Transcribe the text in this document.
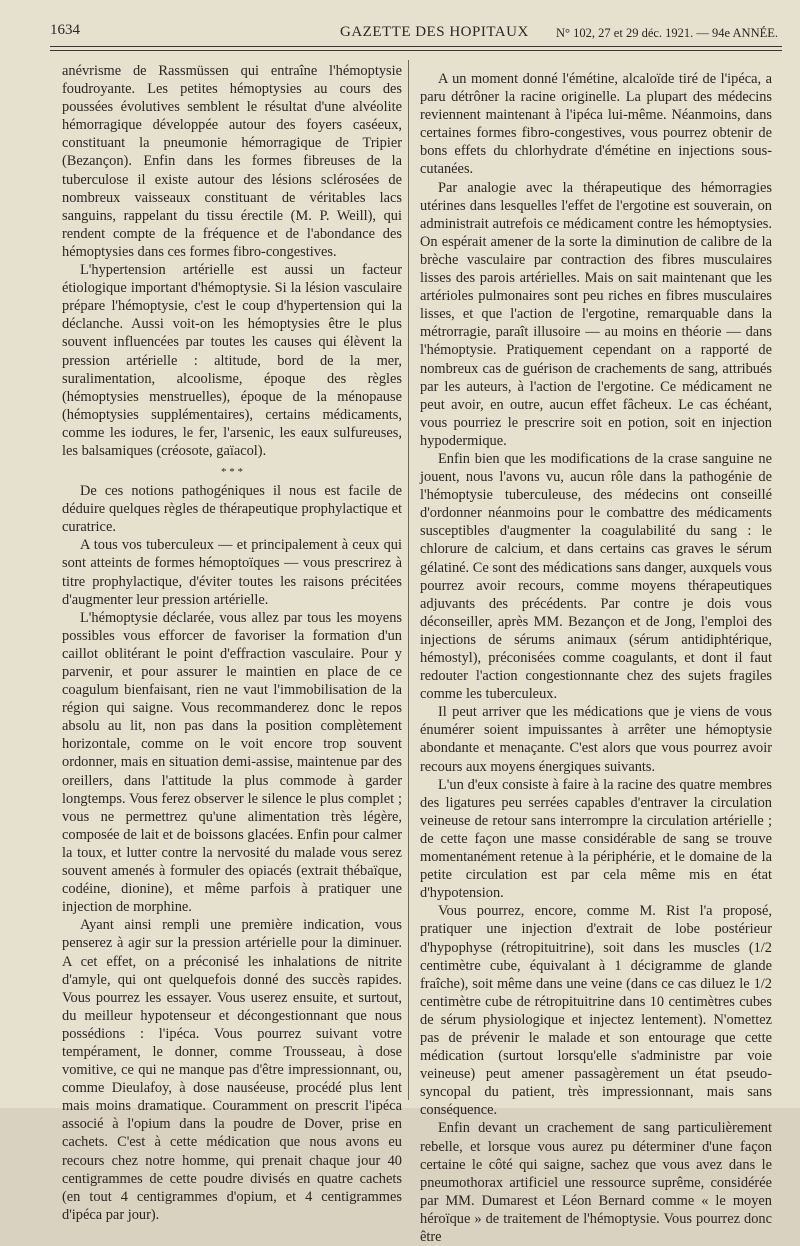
1634	GAZETTE DES HOPITAUX N° 102, 27 et 29 déc. 1921. — 94e ANNÉE.

anévrisme de Rassmüssen qui entraîne l'hémoptysie foudroyante. Les petites hémoptysies au cours des poussées évolutives semblent le résultat d'une alvéolite hémorragique développée autour des foyers caséeux, constituant la pneumonie hémorragique de Tripier (Bezançon). Enfin dans les formes fibreuses de la tuberculose il existe autour des lésions sclérosées de nombreux vaisseaux constituant de véritables lacs sanguins, rappelant du tissu érectile (M. P. Weill), qui rendent compte de la fréquence et de l'abondance des hémoptysies dans ces formes fibro-congestives.

L'hypertension artérielle est aussi un facteur étiologique important d'hémoptysie. Si la lésion vasculaire prépare l'hémoptysie, c'est le coup d'hypertension qui la déclanche. Aussi voit-on les hémoptysies être le plus souvent influencées par toutes les causes qui élèvent la pression artérielle : altitude, bord de la mer, suralimentation, alcoolisme, époque des règles (hémoptysies menstruelles), époque de la ménopause (hémoptysies supplémentaires), certains médicaments, comme les iodures, le fer, l'arsenic, les eaux sulfureuses, les balsamiques (créosote, gaïacol).

* * *

De ces notions pathogéniques il nous est facile de déduire quelques règles de thérapeutique prophylactique et curatrice.

A tous vos tuberculeux — et principalement à ceux qui sont atteints de formes hémoptoïques — vous prescrirez à titre prophylactique, d'éviter toutes les raisons précitées d'augmenter leur pression artérielle.

L'hémoptysie déclarée, vous allez par tous les moyens possibles vous efforcer de favoriser la formation d'un caillot oblitérant le point d'effraction vasculaire. Pour y parvenir, et pour assurer le maintien en place de ce coagulum bienfaisant, rien ne vaut l'immobilisation de la région qui saigne. Vous recommanderez donc le repos absolu au lit, non pas dans la position complètement horizontale, comme on le voit encore trop souvent ordonner, mais en situation demi-assise, maintenue par des oreillers, dans l'attitude la plus commode à garder longtemps. Vous ferez observer le silence le plus complet ; vous ne permettrez qu'une alimentation très légère, composée de lait et de boissons glacées. Enfin pour calmer la toux, et lutter contre la nervosité du malade vous serez souvent amenés à formuler des opiacés (extrait thébaïque, codéine, dionine), et même parfois à pratiquer une injection de morphine.

Ayant ainsi rempli une première indication, vous penserez à agir sur la pression artérielle pour la diminuer. A cet effet, on a préconisé les inhalations de nitrite d'amyle, qui ont quelquefois donné des succès rapides. Vous pourrez les essayer. Vous userez ensuite, et surtout, du meilleur hypotenseur et décongestionnant que nous possédions : l'ipéca. Vous pourrez suivant votre tempérament, le donner, comme Trousseau, à dose vomitive, ce qui ne manque pas d'être impressionnant, ou, comme Dieulafoy, à dose nauséeuse, procédé plus lent mais moins dramatique. Couramment on prescrit l'ipéca associé à l'opium dans la poudre de Dover, prise en cachets. C'est à cette médication que nous avons eu recours chez notre homme, qui prenait chaque jour 40 centigrammes de cette poudre divisés en quatre cachets (en tout 4 centigrammes d'opium, et 4 centigrammes d'ipéca par jour).

A un moment donné l'émétine, alcaloïde tiré de l'ipéca, a paru détrôner la racine originelle. La plupart des médecins reviennent maintenant à l'ipéca lui-même. Néanmoins, dans certaines formes fibro-congestives, vous pourrez obtenir de bons effets du chlorhydrate d'émétine en injections sous-cutanées.

Par analogie avec la thérapeutique des hémorragies utérines dans lesquelles l'effet de l'ergotine est souverain, on administrait autrefois ce médicament contre les hémoptysies. On espérait amener de la sorte la diminution de calibre de la brèche vasculaire par contraction des fibres musculaires lisses des parois artérielles. Mais on sait maintenant que les artérioles pulmonaires sont peu riches en fibres musculaires lisses, et que l'action de l'ergotine, remarquable dans la métrorragie, paraît illusoire — au moins en théorie — dans l'hémoptysie. Pratiquement cependant on a rapporté de nombreux cas de guérison de crachements de sang, attribués par les auteurs, à l'action de l'ergotine. Ce médicament ne peut avoir, en outre, aucun effet fâcheux. Le cas échéant, vous pourriez le prescrire soit en potion, soit en injection hypodermique.

Enfin bien que les modifications de la crase sanguine ne jouent, nous l'avons vu, aucun rôle dans la pathogénie de l'hémoptysie tuberculeuse, des médecins ont conseillé d'ordonner néanmoins pour le combattre des médicaments susceptibles d'augmenter la coagulabilité du sang : le chlorure de calcium, et dans certains cas graves le sérum gélatiné. Ce sont des médications sans danger, auxquels vous pourrez avoir recours, comme moyens thérapeutiques adjuvants des précédents. Par contre je dois vous déconseiller, après MM. Bezançon et de Jong, l'emploi des injections de sérums animaux (sérum antidiphtérique, hémostyl), préconisées comme coagulants, et dont il faut redouter l'action congestionnante chez des sujets fragiles comme les tuberculeux.

Il peut arriver que les médications que je viens de vous énumérer soient impuissantes à arrêter une hémoptysie abondante et menaçante. C'est alors que vous pourrez avoir recours aux moyens énergiques suivants.

L'un d'eux consiste à faire à la racine des quatre membres des ligatures peu serrées capables d'entraver la circulation veineuse de retour sans interrompre la circulation artérielle ; de cette façon une masse considérable de sang se trouve momentanément retenue à la périphérie, et le domaine de la petite circulation est par cela même mis en état d'hypotension.

Vous pourrez, encore, comme M. Rist l'a proposé, pratiquer une injection d'extrait de lobe postérieur d'hypophyse (rétropituitrine), soit dans les muscles (1/2 centimètre cube, équivalant à 1 décigramme de glande fraîche), soit même dans une veine (dans ce cas diluez le 1/2 centimètre cube de rétropituitrine dans 10 centimètres cubes de sérum physiologique et injectez lentement). N'omettez pas de prévenir le malade et son entourage que cette médication (surtout lorsqu'elle s'administre par voie veineuse) peut amener passagèrement un état pseudo-syncopal du patient, très impressionnant, mais sans conséquence.

Enfin devant un crachement de sang particulièrement rebelle, et lorsque vous aurez pu déterminer d'une façon certaine le côté qui saigne, sachez que vous avez dans le pneumothorax artificiel une ressource suprême, considérée par MM. Dumarest et Léon Bernard comme « le moyen héroïque » de traitement de l'hémoptysie. Vous pourrez donc être
